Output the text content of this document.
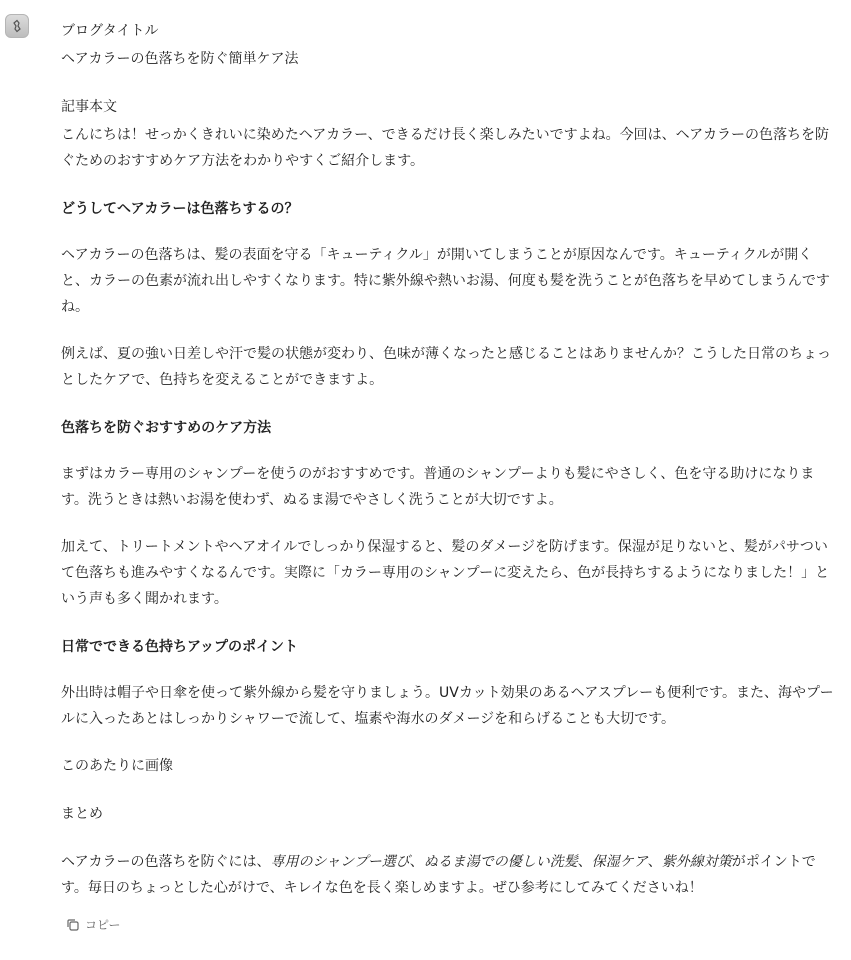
ブログタイトル

ヘアカラーの色落ちを防ぐ簡単ケア法

記事本文

こんにちは！せっかくきれいに染めたヘアカラー、できるだけ長く楽しみたいですよね。今回は、ヘアカラーの色落ちを防ぐためのおすすめケア方法をわかりやすくご紹介します。

どうしてヘアカラーは色落ちするの？

ヘアカラーの色落ちは、髪の表面を守る「キューティクル」が開いてしまうことが原因なんです。キューティクルが開くと、カラーの色素が流れ出しやすくなります。特に紫外線や熱いお湯、何度も髪を洗うことが色落ちを早めてしまうんですね。

例えば、夏の強い日差しや汗で髪の状態が変わり、色味が薄くなったと感じることはありませんか？こうした日常のちょっとしたケアで、色持ちを変えることができますよ。

色落ちを防ぐおすすめのケア方法

まずはカラー専用のシャンプーを使うのがおすすめです。普通のシャンプーよりも髪にやさしく、色を守る助けになります。洗うときは熱いお湯を使わず、ぬるま湯でやさしく洗うことが大切ですよ。

加えて、トリートメントやヘアオイルでしっかり保湿すると、髪のダメージを防げます。保湿が足りないと、髪がパサついて色落ちも進みやすくなるんです。実際に「カラー専用のシャンプーに変えたら、色が長持ちするようになりました！」という声も多く聞かれます。

日常でできる色持ちアップのポイント

外出時は帽子や日傘を使って紫外線から髪を守りましょう。UVカット効果のあるヘアスプレーも便利です。また、海やプールに入ったあとはしっかりシャワーで流して、塩素や海水のダメージを和らげることも大切です。

このあたりに画像

まとめ

ヘアカラーの色落ちを防ぐには、専用のシャンプー選び、ぬるま湯での優しい洗髪、保湿ケア、紫外線対策がポイントです。毎日のちょっとした心がけで、キレイな色を長く楽しめますよ。ぜひ参考にしてみてくださいね！

コピー
